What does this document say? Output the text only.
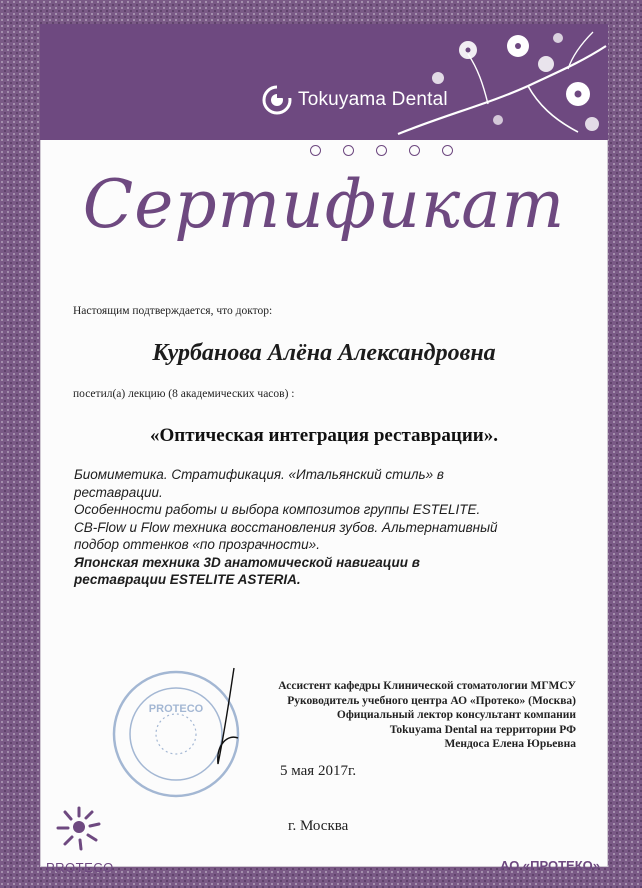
Tokuyama Dental
Сертификат
Настоящим подтверждается, что доктор:
Курбанова Алёна Александровна
посетил(а) лекцию (8 академических часов) :
«Оптическая интеграция реставрации».
Биомиметика. Стратификация. «Итальянский стиль» в
реставрации.
Особенности работы и выбора композитов группы ESTELITE.
CB-Flow и Flow техника восстановления зубов. Альтернативный
подбор оттенков «по прозрачности».
Японская техника 3D анатомической навигации в
реставрации ESTELITE ASTERIA.
PROTECO
Ассистент кафедры Клинической стоматологии МГМСУ
Руководитель учебного центра АО «Протеко» (Москва)
Официальный лектор консультант компании
Tokuyama Dental на территории РФ
Мендоса Елена Юрьевна
5 мая 2017г.
г. Москва
PROTECO	АО «ПРОТЕКО»
